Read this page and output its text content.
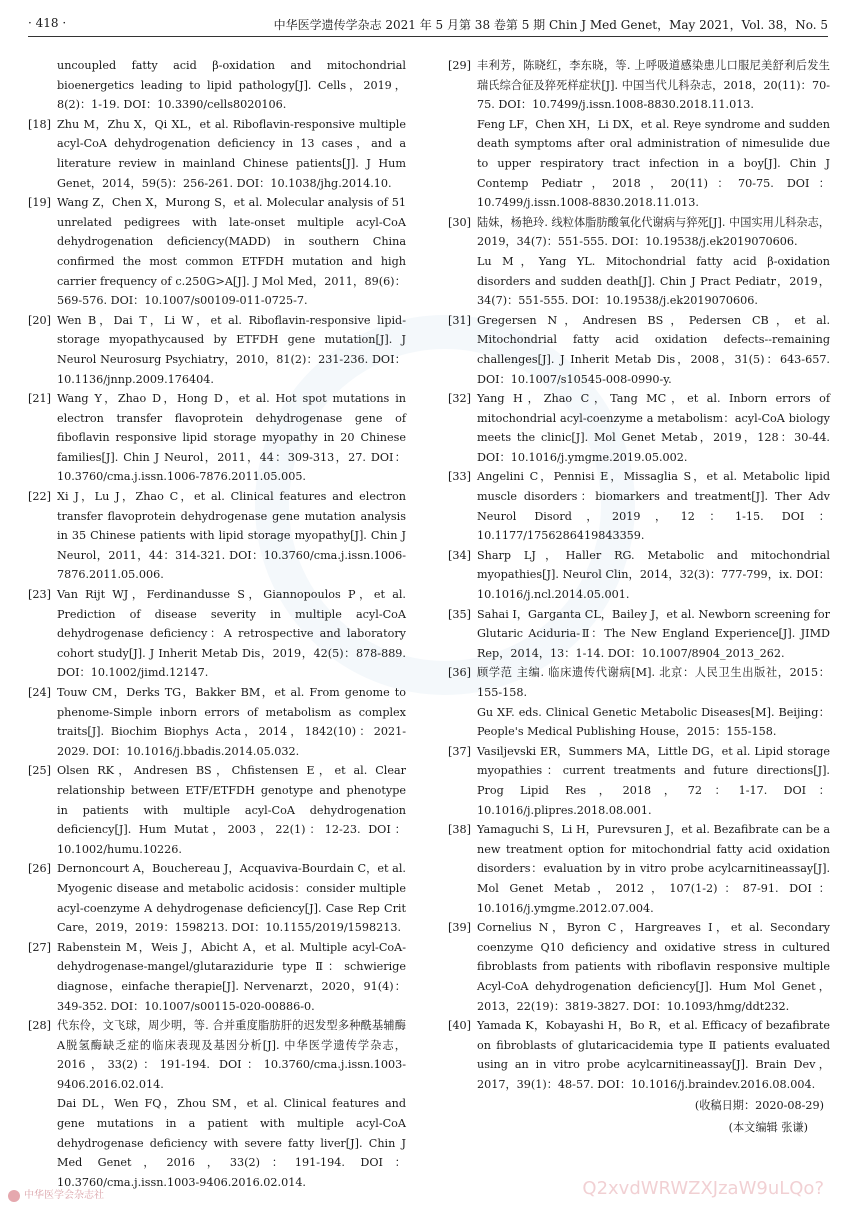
· 418 ·	中华医学遗传学杂志 2021 年 5 月第 38 卷第 5 期 Chin J Med Genet，May 2021，Vol. 38，No. 5

uncoupled fatty acid β-oxidation and mitochondrial bioenergetics leading to lipid pathology[J]. Cells，2019，8(2)：1-19. DOI：10.3390/cells8020106.

[18] Zhu M，Zhu X，Qi XL，et al. Riboflavin-responsive multiple acyl-CoA dehydrogenation deficiency in 13 cases，and a literature review in mainland Chinese patients[J]. J Hum Genet，2014，59(5)：256-261. DOI：10.1038/jhg.2014.10.
[19] Wang Z，Chen X，Murong S，et al. Molecular analysis of 51 unrelated pedigrees with late-onset multiple acyl-CoA dehydrogenation deficiency(MADD) in southern China confirmed the most common ETFDH mutation and high carrier frequency of c.250G>A[J]. J Mol Med，2011，89(6)：569-576. DOI：10.1007/s00109-011-0725-7.
[20] Wen B，Dai T，Li W，et al. Riboflavin-responsive lipid-storage myopathycaused by ETFDH gene mutation[J]. J Neurol Neurosurg Psychiatry，2010，81(2)：231-236. DOI：10.1136/jnnp.2009.176404.
[21] Wang Y，Zhao D，Hong D，et al. Hot spot mutations in electron transfer flavoprotein dehydrogenase gene of fiboflavin responsive lipid storage myopathy in 20 Chinese families[J]. Chin J Neurol，2011，44：309-313，27. DOI：10.3760/cma.j.issn.1006-7876.2011.05.005.
[22] Xi J，Lu J，Zhao C，et al. Clinical features and electron transfer flavoprotein dehydrogenase gene mutation analysis in 35 Chinese patients with lipid storage myopathy[J]. Chin J Neurol，2011，44：314-321. DOI：10.3760/cma.j.issn.1006-7876.2011.05.006.
[23] Van Rijt WJ，Ferdinandusse S，Giannopoulos P，et al. Prediction of disease severity in multiple acyl-CoA dehydrogenase deficiency：A retrospective and laboratory cohort study[J]. J Inherit Metab Dis，2019，42(5)：878-889. DOI：10.1002/jimd.12147.
[24] Touw CM，Derks TG，Bakker BM，et al. From genome to phenome-Simple inborn errors of metabolism as complex traits[J]. Biochim Biophys Acta，2014，1842(10)：2021-2029. DOI：10.1016/j.bbadis.2014.05.032.
[25] Olsen RK，Andresen BS，Chfistensen E，et al. Clear relationship between ETF/ETFDH genotype and phenotype in patients with multiple acyl-CoA dehydrogenation deficiency[J]. Hum Mutat，2003，22(1)：12-23. DOI：10.1002/humu.10226.
[26] Dernoncourt A，Bouchereau J，Acquaviva-Bourdain C，et al. Myogenic disease and metabolic acidosis：consider multiple acyl-coenzyme A dehydrogenase deficiency[J]. Case Rep Crit Care，2019，2019：1598213. DOI：10.1155/2019/1598213.
[27] Rabenstein M，Weis J，Abicht A，et al. Multiple acyl-CoA-dehydrogenase-mangel/glutarazidurie type Ⅱ：schwierige diagnose，einfache therapie[J]. Nervenarzt，2020，91(4)：349-352. DOI：10.1007/s00115-020-00886-0.
[28] 代东伶，文飞球，周少明，等. 合并重度脂肪肝的迟发型多种酰基辅酶A脱氢酶缺乏症的临床表现及基因分析[J]. 中华医学遗传学杂志，2016，33(2)：191-194. DOI：10.3760/cma.j.issn.1003-9406.2016.02.014.
Dai DL，Wen FQ，Zhou SM，et al. Clinical features and gene mutations in a patient with multiple acyl-CoA dehydrogenase deficiency with severe fatty liver[J]. Chin J Med Genet，2016，33(2)：191-194. DOI：10.3760/cma.j.issn.1003-9406.2016.02.014.
[29] 丰利芳，陈晓红，李东晓，等. 上呼吸道感染患儿口服尼美舒利后发生瑞氏综合征及猝死样症状[J]. 中国当代儿科杂志，2018，20(11)：70-75. DOI：10.7499/j.issn.1008-8830.2018.11.013.
Feng LF，Chen XH，Li DX，et al. Reye syndrome and sudden death symptoms after oral administration of nimesulide due to upper respiratory tract infection in a boy[J]. Chin J Contemp Pediatr，2018，20(11)：70-75. DOI：10.7499/j.issn.1008-8830.2018.11.013.
[30] 陆妹，杨艳玲. 线粒体脂肪酸氧化代谢病与猝死[J]. 中国实用儿科杂志，2019，34(7)：551-555. DOI：10.19538/j.ek2019070606.
Lu M，Yang YL. Mitochondrial fatty acid β-oxidation disorders and sudden death[J]. Chin J Pract Pediatr，2019，34(7)：551-555. DOI：10.19538/j.ek2019070606.
[31] Gregersen N，Andresen BS，Pedersen CB，et al. Mitochondrial fatty acid oxidation defects--remaining challenges[J]. J Inherit Metab Dis，2008，31(5)：643-657. DOI：10.1007/s10545-008-0990-y.
[32] Yang H，Zhao C，Tang MC，et al. Inborn errors of mitochondrial acyl-coenzyme a metabolism：acyl-CoA biology meets the clinic[J]. Mol Genet Metab，2019，128：30-44. DOI：10.1016/j.ymgme.2019.05.002.
[33] Angelini C，Pennisi E，Missaglia S，et al. Metabolic lipid muscle disorders：biomarkers and treatment[J]. Ther Adv Neurol Disord，2019，12：1-15. DOI：10.1177/1756286419843359.
[34] Sharp LJ，Haller RG. Metabolic and mitochondrial myopathies[J]. Neurol Clin，2014，32(3)：777-799，ix. DOI：10.1016/j.ncl.2014.05.001.
[35] Sahai I，Garganta CL，Bailey J，et al. Newborn screening for Glutaric Aciduria-Ⅱ：The New England Experience[J]. JIMD Rep，2014，13：1-14. DOI：10.1007/8904_2013_262.
[36] 顾学范 主编. 临床遗传代谢病[M]. 北京：人民卫生出版社，2015：155-158.
Gu XF. eds. Clinical Genetic Metabolic Diseases[M]. Beijing：People's Medical Publishing House，2015：155-158.
[37] Vasiljevski ER，Summers MA，Little DG，et al. Lipid storage myopathies：current treatments and future directions[J]. Prog Lipid Res，2018，72：1-17. DOI：10.1016/j.plipres.2018.08.001.
[38] Yamaguchi S，Li H，Purevsuren J，et al. Bezafibrate can be a new treatment option for mitochondrial fatty acid oxidation disorders：evaluation by in vitro probe acylcarnitineassay[J]. Mol Genet Metab，2012，107(1-2)：87-91. DOI：10.1016/j.ymgme.2012.07.004.
[39] Cornelius N，Byron C，Hargreaves I，et al. Secondary coenzyme Q10 deficiency and oxidative stress in cultured fibroblasts from patients with riboflavin responsive multiple Acyl-CoA dehydrogenation deficiency[J]. Hum Mol Genet，2013，22(19)：3819-3827. DOI：10.1093/hmg/ddt232.
[40] Yamada K，Kobayashi H，Bo R，et al. Efficacy of bezafibrate on fibroblasts of glutaricacidemia type Ⅱ patients evaluated using an in vitro probe acylcarnitineassay[J]. Brain Dev，2017，39(1)：48-57. DOI：10.1016/j.braindev.2016.08.004.
(收稿日期：2020-08-29)
(本文编辑 张谦)
中华医学会杂志社	Q2xvdWRWZXJzaW9uLQo?
